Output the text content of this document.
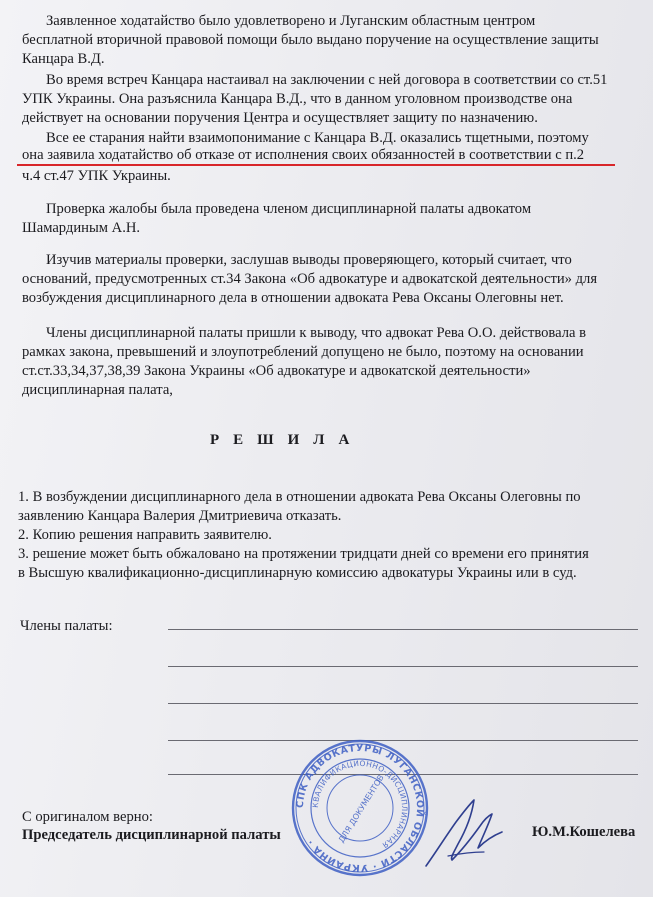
Заявленное ходатайство было удовлетворено и Луганским областным центром

бесплатной вторичной правовой помощи было выдано поручение на осуществление защиты

Канцара В.Д.

Во время встреч Канцара настаивал на заключении с ней договора в соответствии со ст.51

УПК Украины. Она разъяснила Канцара В.Д., что в данном уголовном производстве она

действует на основании поручения Центра и осуществляет защиту по назначению.

Все ее старания найти взаимопонимание с Канцара В.Д. оказались тщетными, поэтому

она заявила ходатайство об отказе от исполнения своих обязанностей в соответствии с п.2

ч.4 ст.47 УПК Украины.

Проверка жалобы была проведена членом дисциплинарной палаты адвокатом

Шамардиным А.Н.

Изучив материалы проверки, заслушав выводы проверяющего, который считает, что

оснований, предусмотренных ст.34 Закона «Об адвокатуре и адвокатской деятельности» для

возбуждения дисциплинарного дела в отношении адвоката Рева Оксаны Олеговны нет.

Члены дисциплинарной палаты пришли к выводу, что адвокат Рева О.О. действовала в

рамках закона, превышений и злоупотреблений допущено не было, поэтому на основании

ст.ст.33,34,37,38,39 Закона Украины «Об адвокатуре и адвокатской деятельности»

дисциплинарная палата,

РЕШИЛА

1. В возбуждении дисциплинарного дела в отношении адвоката Рева Оксаны Олеговны по

заявлению Канцара Валерия Дмитриевича отказать.

2. Копию решения направить заявителю.

3. решение может быть обжаловано на протяжении тридцати дней со времени его принятия

в Высшую квалификационно-дисциплинарную комиссию адвокатуры Украины или в суд.

Члены палаты:

С оригиналом верно:

Председатель дисциплинарной палаты	Ю.М.Кошелева

СПК АДВОКАТУРЫ ЛУГАНСКОЙ ОБЛАСТИ · УКРАИНА ·
КВАЛИФИКАЦИОННО-ДИСЦИПЛИНАРНАЯ
ДЛЯ ДОКУМЕНТОВ
